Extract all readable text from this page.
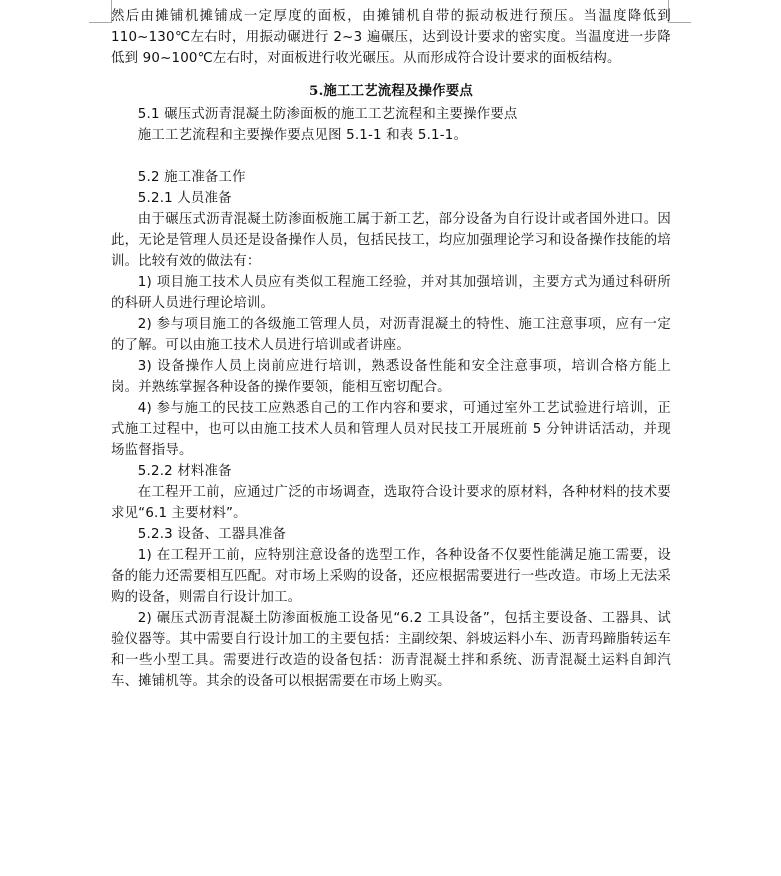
然后由摊铺机摊铺成一定厚度的面板，由摊铺机自带的振动板进行预压。当温度降低到 110~130℃左右时，用振动碾进行 2~3 遍碾压，达到设计要求的密实度。当温度进一步降低到 90~100℃左右时，对面板进行收光碾压。从而形成符合设计要求的面板结构。

5.施工工艺流程及操作要点

5.1 碾压式沥青混凝土防渗面板的施工工艺流程和主要操作要点

施工工艺流程和主要操作要点见图 5.1-1 和表 5.1-1。

5.2 施工准备工作

5.2.1 人员准备

由于碾压式沥青混凝土防渗面板施工属于新工艺，部分设备为自行设计或者国外进口。因此，无论是管理人员还是设备操作人员，包括民技工，均应加强理论学习和设备操作技能的培训。比较有效的做法有：

1) 项目施工技术人员应有类似工程施工经验，并对其加强培训，主要方式为通过科研所的科研人员进行理论培训。

2) 参与项目施工的各级施工管理人员，对沥青混凝土的特性、施工注意事项，应有一定的了解。可以由施工技术人员进行培训或者讲座。

3) 设备操作人员上岗前应进行培训，熟悉设备性能和安全注意事项，培训合格方能上岗。并熟练掌握各种设备的操作要领，能相互密切配合。

4) 参与施工的民技工应熟悉自己的工作内容和要求，可通过室外工艺试验进行培训，正式施工过程中，也可以由施工技术人员和管理人员对民技工开展班前 5 分钟讲话活动，并现场监督指导。

5.2.2 材料准备

在工程开工前，应通过广泛的市场调查，选取符合设计要求的原材料，各种材料的技术要求见“6.1 主要材料”。

5.2.3 设备、工器具准备

1) 在工程开工前，应特别注意设备的选型工作，各种设备不仅要性能满足施工需要，设备的能力还需要相互匹配。对市场上采购的设备，还应根据需要进行一些改造。市场上无法采购的设备，则需自行设计加工。

2) 碾压式沥青混凝土防渗面板施工设备见“6.2 工具设备”，包括主要设备、工器具、试验仪器等。其中需要自行设计加工的主要包括：主副绞架、斜坡运料小车、沥青玛蹄脂转运车和一些小型工具。需要进行改造的设备包括：沥青混凝土拌和系统、沥青混凝土运料自卸汽车、摊铺机等。其余的设备可以根据需要在市场上购买。
